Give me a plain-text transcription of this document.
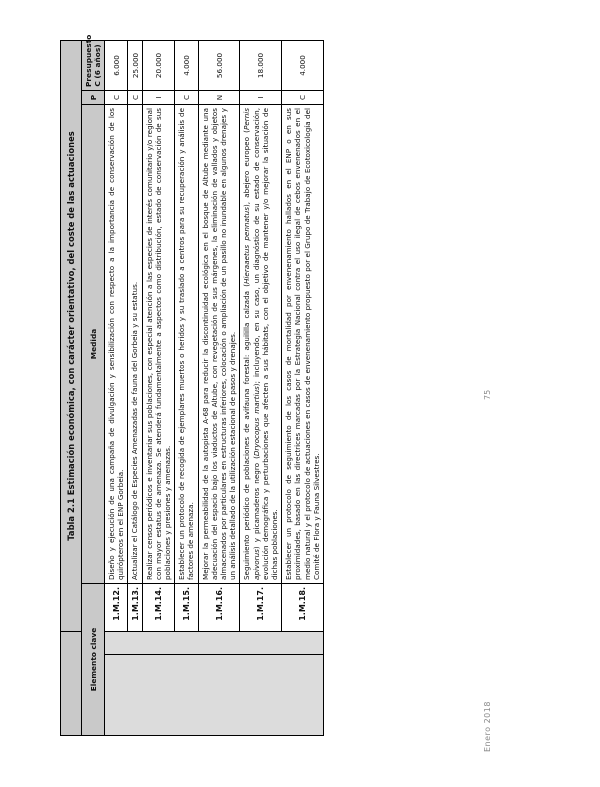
		Tabla 2.1 Estimación económica, con carácter orientativo, del coste de las actuaciones			
Elemento clave			Medida	P	Presupuesto C (6 años)
		1.M.12.	Diseño y ejecución de una campaña de divulgación y sensibilización con respecto a la importancia de conservación de los quirópteros en el ENP Gorbeia.	C	6.000
		1.M.13.	Actualizar el Catálogo de Especies Amenazadas de fauna del Gorbeia y su estatus.	C	25.000
		1.M.14.	Realizar censos periódicos e inventariar sus poblaciones, con especial atención a las especies de interés comunitario y/o regional con mayor estatus de amenaza. Se atenderá fundamentalmente a aspectos como distribución, estado de conservación de sus poblaciones y presiones y amenazas.	I	20.000
		1.M.15.	Establecer un protocolo de recogida de ejemplares muertos o heridos y su traslado a centros para su recuperación y análisis de factores de amenaza.	C	4.000
		1.M.16.	Mejorar la permeabilidad de la autopista A-68 para reducir la discontinuidad ecológica en el bosque de Altube mediante una adecuación del espacio bajo los viaductos de Altube, con revegetación de sus márgenes, la eliminación de vallados y objetos almacenados por particulares en estructuras inferiores, colocación o ampliación de un pasillo no inundable en algunos drenajes y un análisis detallado de la utilización estacional de pasos y drenajes.	N	56.000
		1.M.17.	Seguimiento periódico de poblaciones de avifauna forestal: aguililla calzada (Hieraaetus pennatus), abejero europeo (Pernis apivorus) y picamaderos negro (Dryocopus martius); incluyendo, en su caso, un diagnóstico de su estado de conservación, evolución demográfica y perturbaciones que afecten a sus hábitats, con el objetivo de mantener y/o mejorar la situación de dichas poblaciones.	I	18.000
		1.M.18.	Establecer un protocolo de seguimiento de los casos de mortalidad por envenenamiento hallados en el ENP o en sus proximidades, basado en las directrices marcadas por la Estrategia Nacional contra el uso ilegal de cebos envenenados en el medio natural y el protocolo de actuaciones en casos de envenenamiento propuesto por el Grupo de Trabajo de Ecotoxicología del Comité de Flora y Fauna Silvestres.	C	4.000
Enero 2018
75
